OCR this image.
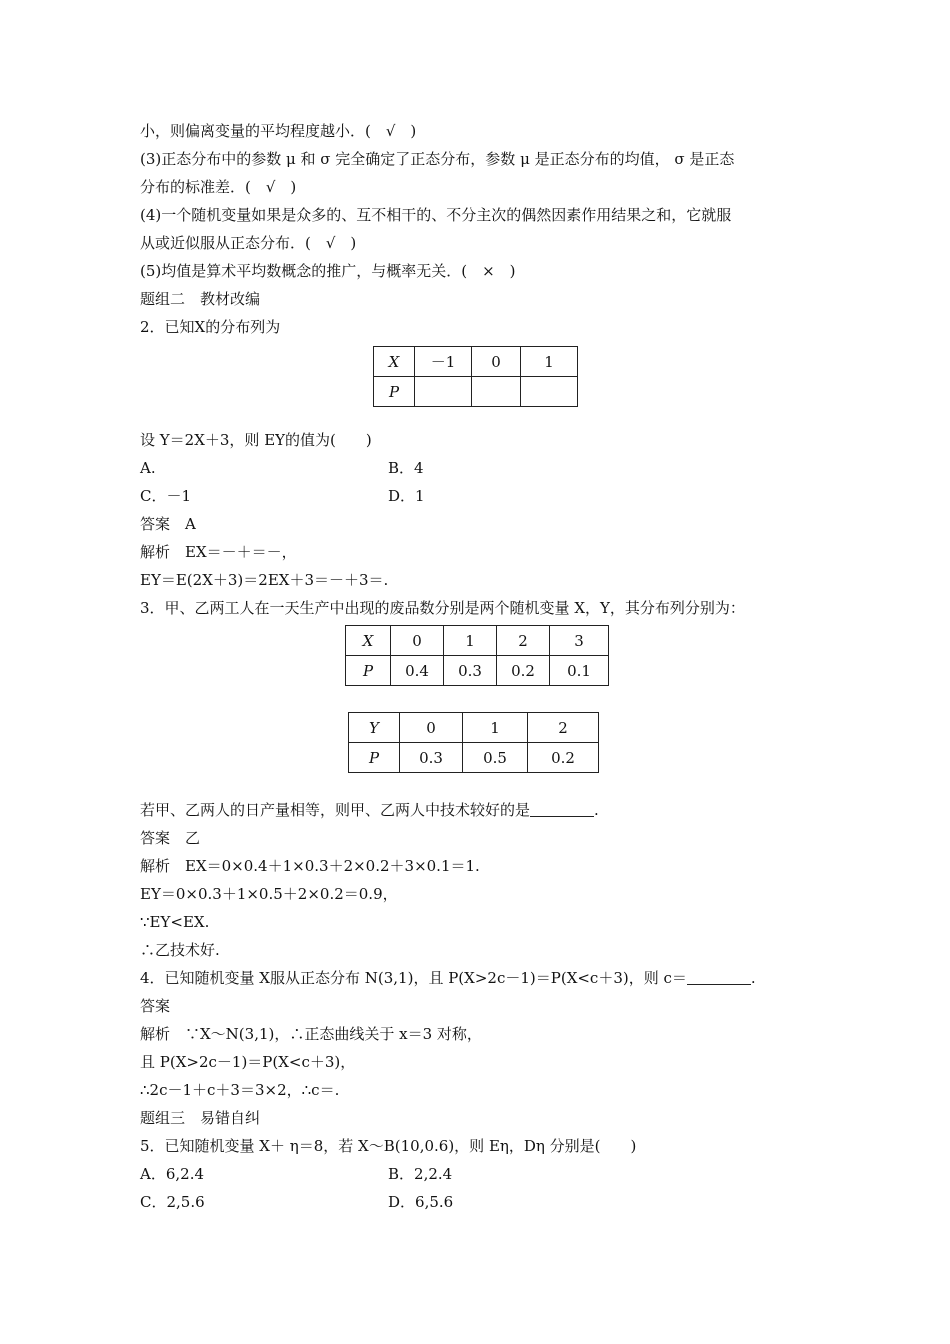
小，则偏离变量的平均程度越小．(　√　)
(3)正态分布中的参数 μ 和 σ 完全确定了正态分布，参数 μ 是正态分布的均值， σ 是正态
分布的标准差．(　√　)
(4)一个随机变量如果是众多的、互不相干的、不分主次的偶然因素作用结果之和，它就服
从或近似服从正态分布．(　√　)
(5)均值是算术平均数概念的推广，与概率无关．(　×　)
题组二　教材改编
2．已知X的分布列为
X	－1	0	1
P			
设 Y＝2X＋3，则 EY的值为(　　)
A.	B．4
C．－1	D．1
答案　A
解析　EX＝－＋＝－，
EY＝E(2X＋3)＝2EX＋3＝－＋3＝.
3．甲、乙两工人在一天生产中出现的废品数分别是两个随机变量 X，Y，其分布列分别为：
X	0	1	2	3
P	0.4	0.3	0.2	0.1
Y	0	1	2
P	0.3	0.5	0.2
若甲、乙两人的日产量相等，则甲、乙两人中技术较好的是	.
答案　乙
解析　EX＝0×0.4＋1×0.3＋2×0.2＋3×0.1＝1.
EY＝0×0.3＋1×0.5＋2×0.2＝0.9，
∵EY<EX.
∴乙技术好.
4．已知随机变量 X服从正态分布 N(3,1)，且 P(X>2c－1)＝P(X<c＋3)，则 c＝	.
答案
解析　∵X～N(3,1)，∴正态曲线关于 x＝3 对称，
且 P(X>2c－1)＝P(X<c＋3)，
∴2c－1＋c＋3＝3×2，∴c＝.
题组三　易错自纠
5．已知随机变量 X＋ η＝8，若 X～B(10,0.6)，则 Eη，Dη 分别是(　　)
A．6,2.4	B．2,2.4
C．2,5.6	D．6,5.6
